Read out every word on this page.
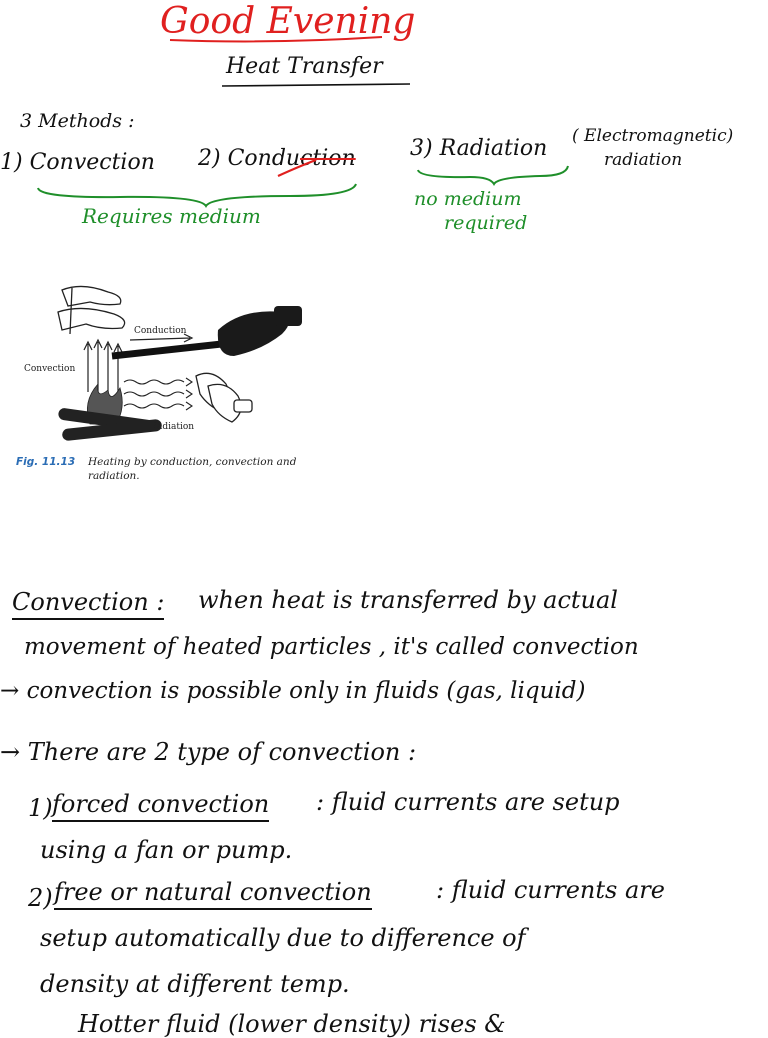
Good Evening
Heat Transfer
3 Methods :
1) Convection 2) Conduction 3) Radiation ( Electromagnetic)
radiation
Requires medium
no medium
required
Conduction
Convection
Radiation
Fig. 11.13 Heating by conduction, convection and
radiation.
Convection : when heat is transferred by actual
movement of heated particles , it's called convection
→ convection is possible only in fluids (gas, liquid)
→ There are 2 type of convection :
1) forced convection : fluid currents are setup
using a fan or pump.
2) free or natural convection	: fluid currents are
setup automatically due to difference of
density at different temp.
Hotter fluid (lower density) rises &
